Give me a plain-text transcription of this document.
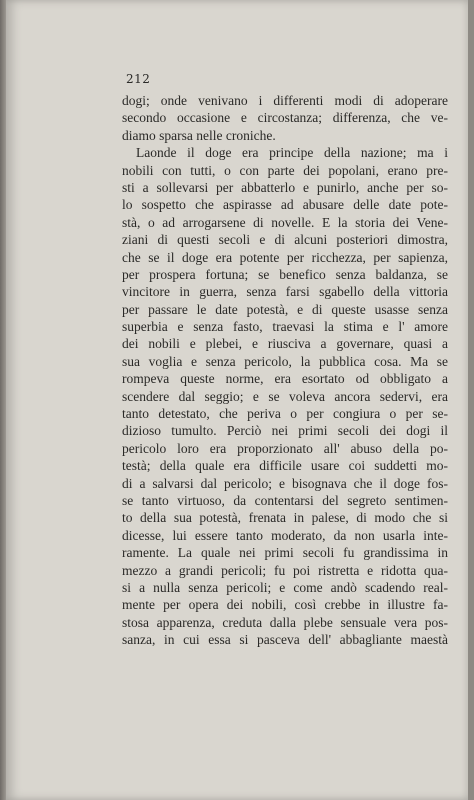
212
dogi; onde venivano i differenti modi di adoperare
secondo occasione e circostanza; differenza, che ve-
diamo sparsa nelle croniche.
Laonde il doge era principe della nazione; ma i
nobili con tutti, o con parte dei popolani, erano pre-
sti a sollevarsi per abbatterlo e punirlo, anche per so-
lo sospetto che aspirasse ad abusare delle date pote-
stà, o ad arrogarsene di novelle. E la storia dei Vene-
ziani di questi secoli e di alcuni posteriori dimostra,
che se il doge era potente per ricchezza, per sapienza,
per prospera fortuna; se benefico senza baldanza, se
vincitore in guerra, senza farsi sgabello della vittoria
per passare le date potestà, e di queste usasse senza
superbia e senza fasto, traevasi la stima e l' amore
dei nobili e plebei, e riusciva a governare, quasi a
sua voglia e senza pericolo, la pubblica cosa. Ma se
rompeva queste norme, era esortato od obbligato a
scendere dal seggio; e se voleva ancora sedervi, era
tanto detestato, che periva o per congiura o per se-
dizioso tumulto. Perciò nei primi secoli dei dogi il
pericolo loro era proporzionato all' abuso della po-
testà; della quale era difficile usare coi suddetti mo-
di a salvarsi dal pericolo; e bisognava che il doge fos-
se tanto virtuoso, da contentarsi del segreto sentimen-
to della sua potestà, frenata in palese, di modo che si
dicesse, lui essere tanto moderato, da non usarla inte-
ramente. La quale nei primi secoli fu grandissima in
mezzo a grandi pericoli; fu poi ristretta e ridotta qua-
si a nulla senza pericoli; e come andò scadendo real-
mente per opera dei nobili, così crebbe in illustre fa-
stosa apparenza, creduta dalla plebe sensuale vera pos-
sanza, in cui essa si pasceva dell' abbagliante maestà
